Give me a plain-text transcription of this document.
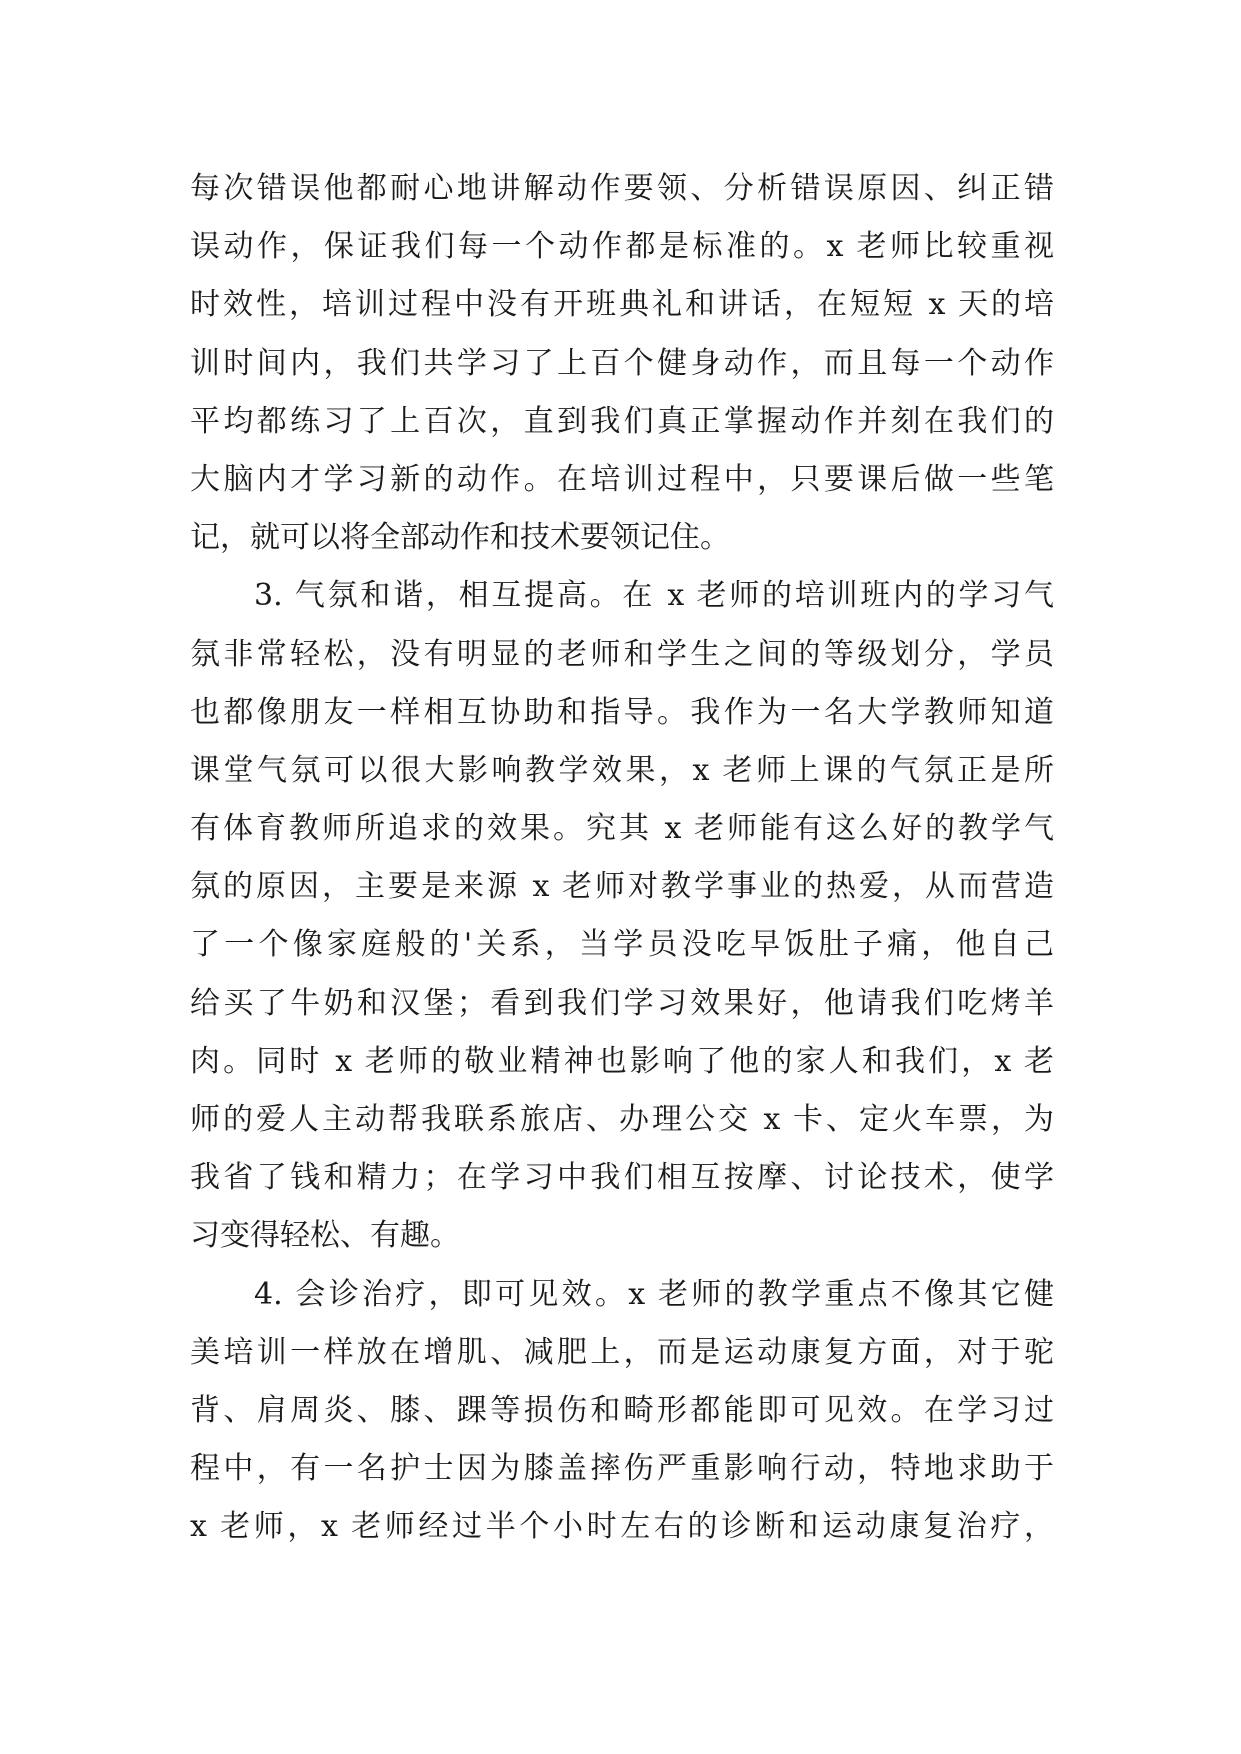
每次错误他都耐心地讲解动作要领、分析错误原因、纠正错
误动作，保证我们每一个动作都是标准的。x 老师比较重视
时效性，培训过程中没有开班典礼和讲话，在短短 x 天的培
训时间内，我们共学习了上百个健身动作，而且每一个动作
平均都练习了上百次，直到我们真正掌握动作并刻在我们的
大脑内才学习新的动作。在培训过程中，只要课后做一些笔
记，就可以将全部动作和技术要领记住。
3. 气氛和谐，相互提高。在 x 老师的培训班内的学习气
氛非常轻松，没有明显的老师和学生之间的等级划分，学员
也都像朋友一样相互协助和指导。我作为一名大学教师知道
课堂气氛可以很大影响教学效果，x 老师上课的气氛正是所
有体育教师所追求的效果。究其 x 老师能有这么好的教学气
氛的原因，主要是来源 x 老师对教学事业的热爱，从而营造
了一个像家庭般的'关系，当学员没吃早饭肚子痛，他自己
给买了牛奶和汉堡；看到我们学习效果好，他请我们吃烤羊
肉。同时 x 老师的敬业精神也影响了他的家人和我们，x 老
师的爱人主动帮我联系旅店、办理公交 x 卡、定火车票，为
我省了钱和精力；在学习中我们相互按摩、讨论技术，使学
习变得轻松、有趣。
4. 会诊治疗，即可见效。x 老师的教学重点不像其它健
美培训一样放在增肌、减肥上，而是运动康复方面，对于驼
背、肩周炎、膝、踝等损伤和畸形都能即可见效。在学习过
程中，有一名护士因为膝盖摔伤严重影响行动，特地求助于
x 老师，x 老师经过半个小时左右的诊断和运动康复治疗，
